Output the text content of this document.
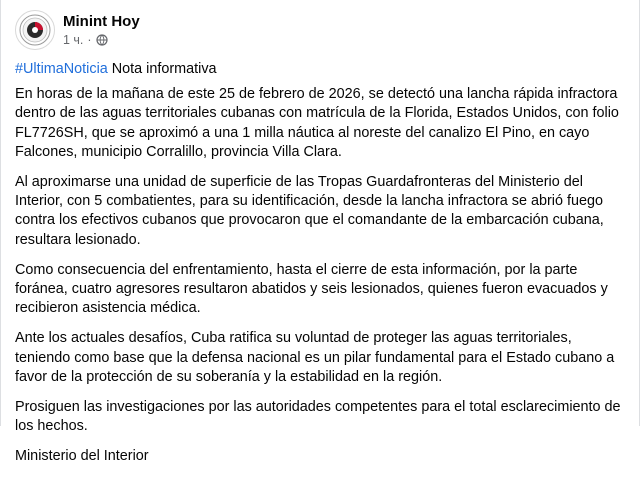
Minint Hoy
1 ч. ·

#UltimaNoticia Nota informativa

En horas de la mañana de este 25 de febrero de 2026, se detectó una lancha rápida infractora dentro de las aguas territoriales cubanas con matrícula de la Florida, Estados Unidos, con folio FL7726SH, que se aproximó a una 1 milla náutica al noreste del canalizo El Pino, en cayo Falcones, municipio Corralillo, provincia Villa Clara.

Al aproximarse una unidad de superficie de las Tropas Guardafronteras del Ministerio del Interior, con 5 combatientes, para su identificación, desde la lancha infractora se abrió fuego contra los efectivos cubanos que provocaron que el comandante de la embarcación cubana, resultara lesionado.

Como consecuencia del enfrentamiento, hasta el cierre de esta información, por la parte foránea, cuatro agresores resultaron abatidos y seis lesionados, quienes fueron evacuados y recibieron asistencia médica.

Ante los actuales desafíos, Cuba ratifica su voluntad de proteger las aguas territoriales, teniendo como base que la defensa nacional es un pilar fundamental para el Estado cubano a favor de la protección de su soberanía y la estabilidad en la región.

Prosiguen las investigaciones por las autoridades competentes para el total esclarecimiento de los hechos.

Ministerio del Interior
